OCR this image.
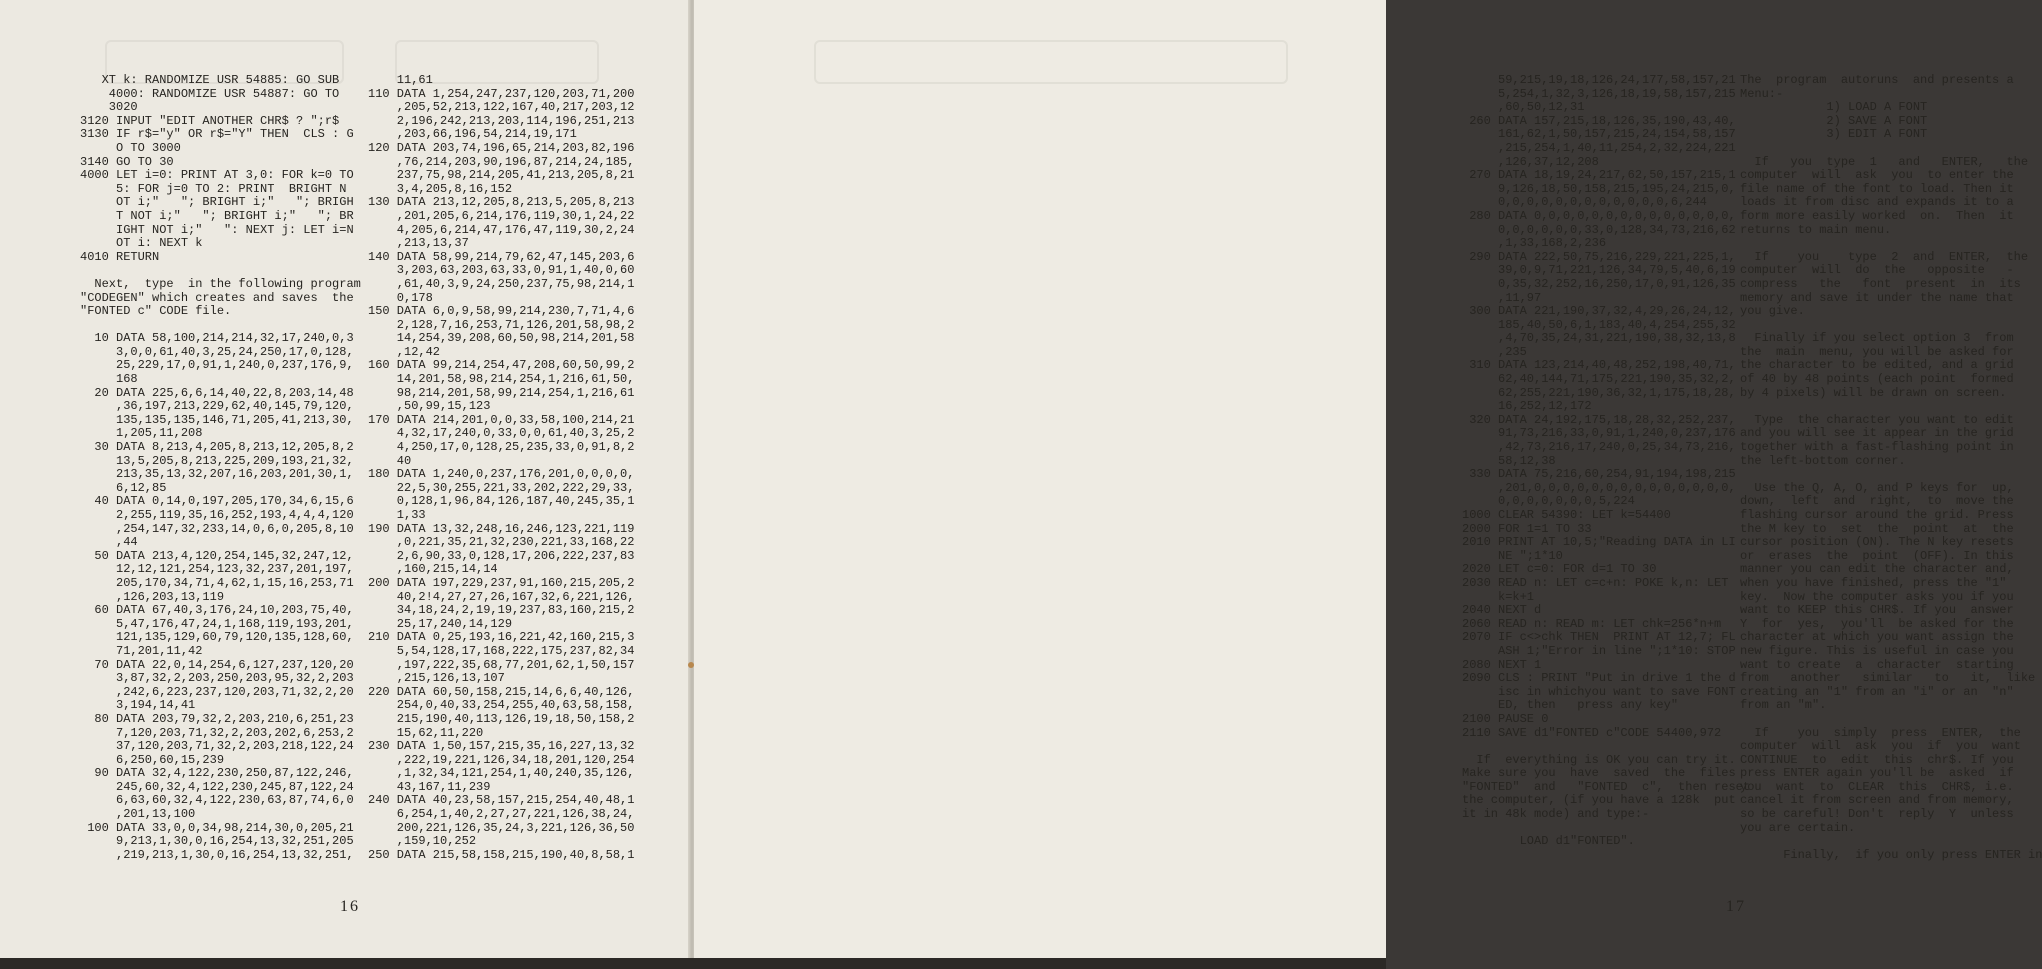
XT k: RANDOMIZE USR 54885: GO SUB
4000: RANDOMIZE USR 54887: GO TO
3020
3120 INPUT "EDIT ANOTHER CHR$ ? ";r$
3130 IF r$="y" OR r$="Y" THEN  CLS : G
O TO 3000
3140 GO TO 30
4000 LET i=0: PRINT AT 3,0: FOR k=0 TO
5: FOR j=0 TO 2: PRINT  BRIGHT N
OT i;"   "; BRIGHT i;"   "; BRIGH
T NOT i;"   "; BRIGHT i;"   "; BR
IGHT NOT i;"   ": NEXT j: LET i=N
OT i: NEXT k
4010 RETURN
Next,  type  in the following program
"CODEGEN" which creates and saves  the
"FONTED c" CODE file.
10 DATA 58,100,214,214,32,17,240,0,3
3,0,0,61,40,3,25,24,250,17,0,128,
25,229,17,0,91,1,240,0,237,176,9,
168
20 DATA 225,6,6,14,40,22,8,203,14,48
,36,197,213,229,62,40,145,79,120,
135,135,135,146,71,205,41,213,30,
1,205,11,208
30 DATA 8,213,4,205,8,213,12,205,8,2
13,5,205,8,213,225,209,193,21,32,
213,35,13,32,207,16,203,201,30,1,
6,12,85
40 DATA 0,14,0,197,205,170,34,6,15,6
2,255,119,35,16,252,193,4,4,4,120
,254,147,32,233,14,0,6,0,205,8,10
,44
50 DATA 213,4,120,254,145,32,247,12,
12,12,121,254,123,32,237,201,197,
205,170,34,71,4,62,1,15,16,253,71
,126,203,13,119
60 DATA 67,40,3,176,24,10,203,75,40,
5,47,176,47,24,1,168,119,193,201,
121,135,129,60,79,120,135,128,60,
71,201,11,42
70 DATA 22,0,14,254,6,127,237,120,20
3,87,32,2,203,250,203,95,32,2,203
,242,6,223,237,120,203,71,32,2,20
3,194,14,41
80 DATA 203,79,32,2,203,210,6,251,23
7,120,203,71,32,2,203,202,6,253,2
37,120,203,71,32,2,203,218,122,24
6,250,60,15,239
90 DATA 32,4,122,230,250,87,122,246,
245,60,32,4,122,230,245,87,122,24
6,63,60,32,4,122,230,63,87,74,6,0
,201,13,100
100 DATA 33,0,0,34,98,214,30,0,205,21
9,213,1,30,0,16,254,13,32,251,205
,219,213,1,30,0,16,254,13,32,251,
11,61
110 DATA 1,254,247,237,120,203,71,200
,205,52,213,122,167,40,217,203,12
2,196,242,213,203,114,196,251,213
,203,66,196,54,214,19,171
120 DATA 203,74,196,65,214,203,82,196
,76,214,203,90,196,87,214,24,185,
237,75,98,214,205,41,213,205,8,21
3,4,205,8,16,152
130 DATA 213,12,205,8,213,5,205,8,213
,201,205,6,214,176,119,30,1,24,22
4,205,6,214,47,176,47,119,30,2,24
,213,13,37
140 DATA 58,99,214,79,62,47,145,203,6
3,203,63,203,63,33,0,91,1,40,0,60
,61,40,3,9,24,250,237,75,98,214,1
0,178
150 DATA 6,0,9,58,99,214,230,7,71,4,6
2,128,7,16,253,71,126,201,58,98,2
14,254,39,208,60,50,98,214,201,58
,12,42
160 DATA 99,214,254,47,208,60,50,99,2
14,201,58,98,214,254,1,216,61,50,
98,214,201,58,99,214,254,1,216,61
,50,99,15,123
170 DATA 214,201,0,0,33,58,100,214,21
4,32,17,240,0,33,0,0,61,40,3,25,2
4,250,17,0,128,25,235,33,0,91,8,2
40
180 DATA 1,240,0,237,176,201,0,0,0,0,
22,5,30,255,221,33,202,222,29,33,
0,128,1,96,84,126,187,40,245,35,1
1,33
190 DATA 13,32,248,16,246,123,221,119
,0,221,35,21,32,230,221,33,168,22
2,6,90,33,0,128,17,206,222,237,83
,160,215,14,14
200 DATA 197,229,237,91,160,215,205,2
40,2!4,27,27,26,167,32,6,221,126,
34,18,24,2,19,19,237,83,160,215,2
25,17,240,14,129
210 DATA 0,25,193,16,221,42,160,215,3
5,54,128,17,168,222,175,237,82,34
,197,222,35,68,77,201,62,1,50,157
,215,126,13,107
220 DATA 60,50,158,215,14,6,6,40,126,
254,0,40,33,254,255,40,63,58,158,
215,190,40,113,126,19,18,50,158,2
15,62,11,220
230 DATA 1,50,157,215,35,16,227,13,32
,222,19,221,126,34,18,201,120,254
,1,32,34,121,254,1,40,240,35,126,
43,167,11,239
240 DATA 40,23,58,157,215,254,40,48,1
6,254,1,40,2,27,27,221,126,38,24,
200,221,126,35,24,3,221,126,36,50
,159,10,252
250 DATA 215,58,158,215,190,40,8,58,1
16
59,215,19,18,126,24,177,58,157,21
5,254,1,32,3,126,18,19,58,157,215
,60,50,12,31
260 DATA 157,215,18,126,35,190,43,40,
161,62,1,50,157,215,24,154,58,157
,215,254,1,40,11,254,2,32,224,221
,126,37,12,208
270 DATA 18,19,24,217,62,50,157,215,1
9,126,18,50,158,215,195,24,215,0,
0,0,0,0,0,0,0,0,0,0,0,0,6,244
280 DATA 0,0,0,0,0,0,0,0,0,0,0,0,0,0,
0,0,0,0,0,0,33,0,128,34,73,216,62
,1,33,168,2,236
290 DATA 222,50,75,216,229,221,225,1,
39,0,9,71,221,126,34,79,5,40,6,19
0,35,32,252,16,250,17,0,91,126,35
,11,97
300 DATA 221,190,37,32,4,29,26,24,12,
185,40,50,6,1,183,40,4,254,255,32
,4,70,35,24,31,221,190,38,32,13,8
,235
310 DATA 123,214,40,48,252,198,40,71,
62,40,144,71,175,221,190,35,32,2,
62,255,221,190,36,32,1,175,18,28,
16,252,12,172
320 DATA 24,192,175,18,28,32,252,237,
91,73,216,33,0,91,1,240,0,237,176
,42,73,216,17,240,0,25,34,73,216,
58,12,38
330 DATA 75,216,60,254,91,194,198,215
,201,0,0,0,0,0,0,0,0,0,0,0,0,0,0,
0,0,0,0,0,0,0,5,224
1000 CLEAR 54390: LET k=54400
2000 FOR 1=1 TO 33
2010 PRINT AT 10,5;"Reading DATA in LI
NE ";1*10
2020 LET c=0: FOR d=1 TO 30
2030 READ n: LET c=c+n: POKE k,n: LET
k=k+1
2040 NEXT d
2060 READ n: READ m: LET chk=256*n+m
2070 IF c<>chk THEN  PRINT AT 12,7; FL
ASH 1;"Error in line ";1*10: STOP
2080 NEXT 1
2090 CLS : PRINT "Put in drive 1 the d
isc in whichyou want to save FONT
ED, then   press any key"
2100 PAUSE 0
2110 SAVE d1"FONTED c"CODE 54400,972
If  everything is OK you can try it.
Make sure you  have  saved  the  files
"FONTED"  and   "FONTED  c",  then reset
the computer, (if you have a 128k  put
it in 48k mode) and type:-
LOAD d1"FONTED".
The  program  autoruns  and presents a
Menu:-
1) LOAD A FONT
2) SAVE A FONT
3) EDIT A FONT
If   you  type  1   and   ENTER,   the
computer  will  ask  you  to enter the
file name of the font to load. Then it
loads it from disc and expands it to a
form more easily worked  on.  Then  it
returns to main menu.
If    you    type  2  and  ENTER,  the
computer  will  do  the   opposite   -
compress   the   font  present  in  its
memory and save it under the name that
you give.
Finally if you select option 3  from
the  main  menu, you will be asked for
the character to be edited, and a grid
of 40 by 48 points (each point  formed
by 4 pixels) will be drawn on screen.
Type  the character you want to edit
and you will see it appear in the grid
together with a fast-flashing point in
the left-bottom corner.
Use the Q, A, O, and P keys for  up,
down,  left  and  right,  to  move the
flashing cursor around the grid. Press
the M key to  set  the  point  at  the
cursor position (ON). The N key resets
or  erases  the  point  (OFF). In this
manner you can edit the character and,
when you have finished, press the "1"
key.  Now the computer asks you if you
want to KEEP this CHR$. If you  answer
Y  for  yes,  you'll  be asked for the
character at which you want assign the
new figure. This is useful in case you
want to create  a  character  starting
from   another   similar   to   it,  like
creating an "1" from an "i" or an  "n"
from an "m".
If    you  simply  press  ENTER,  the
computer  will  ask  you  if  you  want
CONTINUE  to  edit  this  chr$. If you
press ENTER again you'll be  asked  if
you  want  to  CLEAR  this  CHR$, i.e.
cancel it from screen and from memory,
so be careful! Don't  reply  Y  unless
you are certain.
Finally,  if you only press ENTER in
17
